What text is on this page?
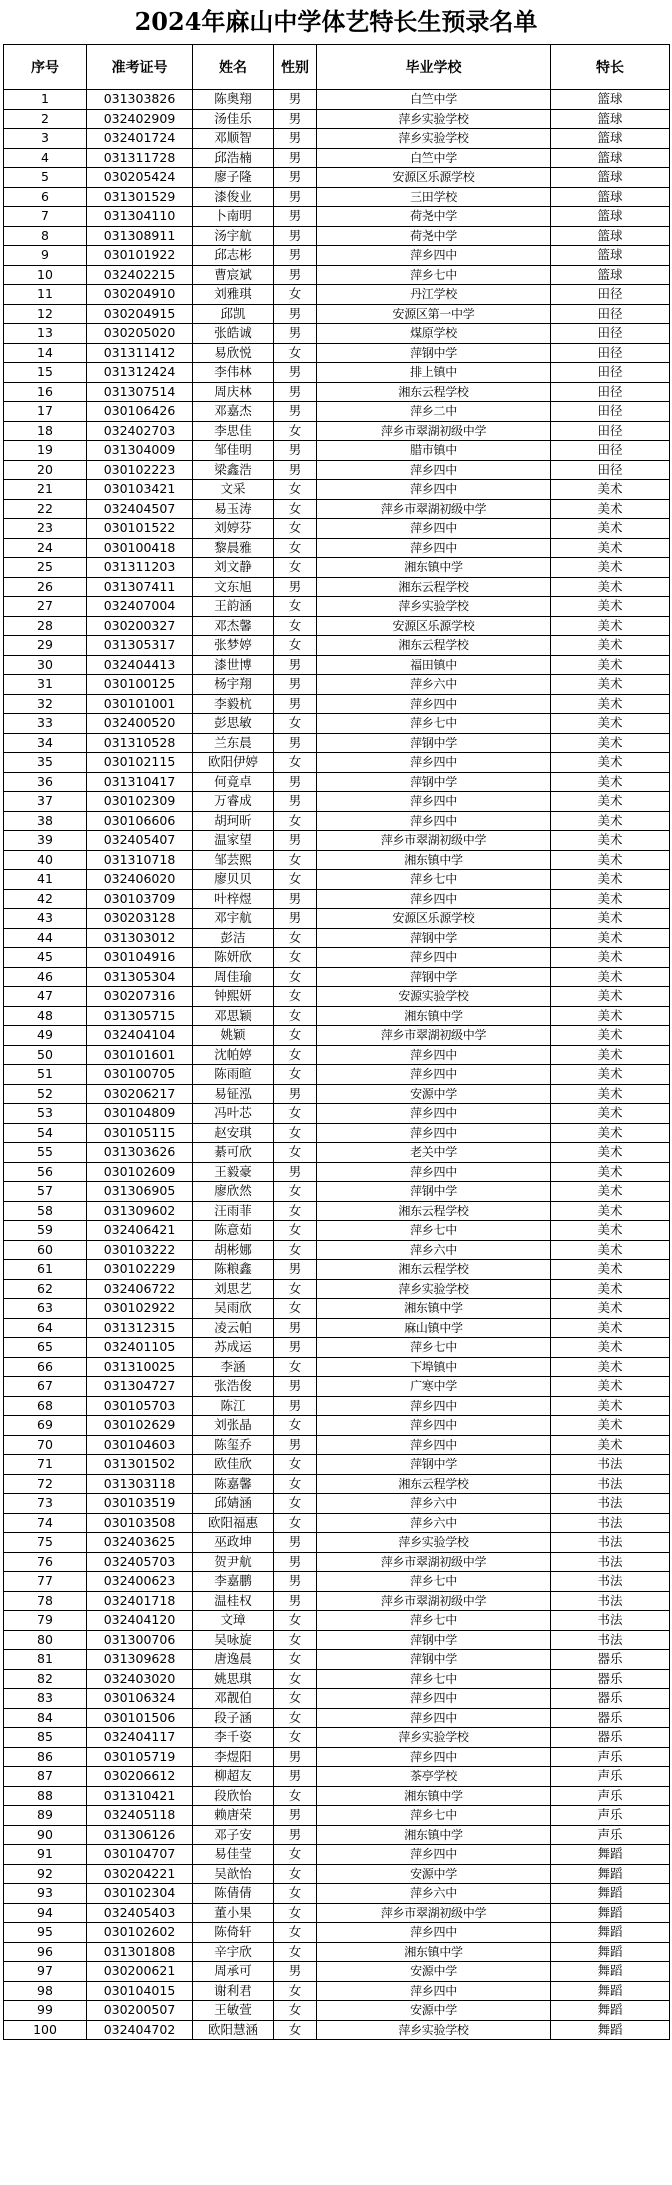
2024年麻山中学体艺特长生预录名单
序号	准考证号	姓名	性别	毕业学校	特长
1	031303826	陈奥翔	男	白竺中学	篮球
2	032402909	汤佳乐	男	萍乡实验学校	篮球
3	032401724	邓顺智	男	萍乡实验学校	篮球
4	031311728	邱浩楠	男	白竺中学	篮球
5	030205424	廖子隆	男	安源区乐源学校	篮球
6	031301529	漆俊业	男	三田学校	篮球
7	031304110	卜南明	男	荷尧中学	篮球
8	031308911	汤宇航	男	荷尧中学	篮球
9	030101922	邱志彬	男	萍乡四中	篮球
10	032402215	曹宸斌	男	萍乡七中	篮球
11	030204910	刘雅琪	女	丹江学校	田径
12	030204915	邱凯	男	安源区第一中学	田径
13	030205020	张皓诚	男	煤原学校	田径
14	031311412	易欣悦	女	萍钢中学	田径
15	031312424	李伟林	男	排上镇中	田径
16	031307514	周庆林	男	湘东云程学校	田径
17	030106426	邓嘉杰	男	萍乡二中	田径
18	032402703	李思佳	女	萍乡市翠湖初级中学	田径
19	031304009	邹佳明	男	腊市镇中	田径
20	030102223	梁鑫浩	男	萍乡四中	田径
21	030103421	文采	女	萍乡四中	美术
22	032404507	易玉涛	女	萍乡市翠湖初级中学	美术
23	030101522	刘婷芬	女	萍乡四中	美术
24	030100418	黎晨雅	女	萍乡四中	美术
25	031311203	刘文静	女	湘东镇中学	美术
26	031307411	文东旭	男	湘东云程学校	美术
27	032407004	王韵涵	女	萍乡实验学校	美术
28	030200327	邓杰馨	女	安源区乐源学校	美术
29	031305317	张梦婷	女	湘东云程学校	美术
30	032404413	漆世博	男	福田镇中	美术
31	030100125	杨宇翔	男	萍乡六中	美术
32	030101001	李毅杭	男	萍乡四中	美术
33	032400520	彭思敏	女	萍乡七中	美术
34	031310528	兰东晨	男	萍钢中学	美术
35	030102115	欧阳伊婷	女	萍乡四中	美术
36	031310417	何竟卓	男	萍钢中学	美术
37	030102309	万睿成	男	萍乡四中	美术
38	030106606	胡珂昕	女	萍乡四中	美术
39	032405407	温家望	男	萍乡市翠湖初级中学	美术
40	031310718	邹芸熙	女	湘东镇中学	美术
41	032406020	廖贝贝	女	萍乡七中	美术
42	030103709	叶梓煜	男	萍乡四中	美术
43	030203128	邓宇航	男	安源区乐源学校	美术
44	031303012	彭洁	女	萍钢中学	美术
45	030104916	陈妍欣	女	萍乡四中	美术
46	031305304	周佳瑜	女	萍钢中学	美术
47	030207316	钟熙妍	女	安源实验学校	美术
48	031305715	邓思颖	女	湘东镇中学	美术
49	032404104	姚颖	女	萍乡市翠湖初级中学	美术
50	030101601	沈帕婷	女	萍乡四中	美术
51	030100705	陈雨暄	女	萍乡四中	美术
52	030206217	易钲泓	男	安源中学	美术
53	030104809	冯叶芯	女	萍乡四中	美术
54	030105115	赵安琪	女	萍乡四中	美术
55	031303626	綦可欣	女	老关中学	美术
56	030102609	王毅豪	男	萍乡四中	美术
57	031306905	廖欣然	女	萍钢中学	美术
58	031309602	汪雨菲	女	湘东云程学校	美术
59	032406421	陈意茹	女	萍乡七中	美术
60	030103222	胡彬娜	女	萍乡六中	美术
61	030102229	陈粮鑫	男	湘东云程学校	美术
62	032406722	刘思艺	女	萍乡实验学校	美术
63	030102922	吴雨欣	女	湘东镇中学	美术
64	031312315	凌云帕	男	麻山镇中学	美术
65	032401105	苏成运	男	萍乡七中	美术
66	031310025	李涵	女	下埠镇中	美术
67	031304727	张浩俊	男	广寒中学	美术
68	030105703	陈江	男	萍乡四中	美术
69	030102629	刘张晶	女	萍乡四中	美术
70	030104603	陈玺乔	男	萍乡四中	美术
71	031301502	欧佳欣	女	萍钢中学	书法
72	031303118	陈嘉馨	女	湘东云程学校	书法
73	030103519	邱婧涵	女	萍乡六中	书法
74	030103508	欧阳福惠	女	萍乡六中	书法
75	032403625	巫政坤	男	萍乡实验学校	书法
76	032405703	贺尹航	男	萍乡市翠湖初级中学	书法
77	032400623	李嘉鹏	男	萍乡七中	书法
78	032401718	温桂权	男	萍乡市翠湖初级中学	书法
79	032404120	文璋	女	萍乡七中	书法
80	031300706	吴咏旋	女	萍钢中学	书法
81	031309628	唐逸晨	女	萍钢中学	器乐
82	032403020	姚思琪	女	萍乡七中	器乐
83	030106324	邓靓伯	女	萍乡四中	器乐
84	030101506	段子涵	女	萍乡四中	器乐
85	032404117	李千姿	女	萍乡实验学校	器乐
86	030105719	李煜阳	男	萍乡四中	声乐
87	030206612	柳超友	男	茶亭学校	声乐
88	031310421	段欣怡	女	湘东镇中学	声乐
89	032405118	赖唐荣	男	萍乡七中	声乐
90	031306126	邓子安	男	湘东镇中学	声乐
91	030104707	易佳莹	女	萍乡四中	舞蹈
92	030204221	吴歆怡	女	安源中学	舞蹈
93	030102304	陈倩倩	女	萍乡六中	舞蹈
94	032405403	董小果	女	萍乡市翠湖初级中学	舞蹈
95	030102602	陈倚轩	女	萍乡四中	舞蹈
96	031301808	辛宇欣	女	湘东镇中学	舞蹈
97	030200621	周承可	男	安源中学	舞蹈
98	030104015	谢利君	女	萍乡四中	舞蹈
99	030200507	王敏萱	女	安源中学	舞蹈
100	032404702	欧阳慧涵	女	萍乡实验学校	舞蹈
